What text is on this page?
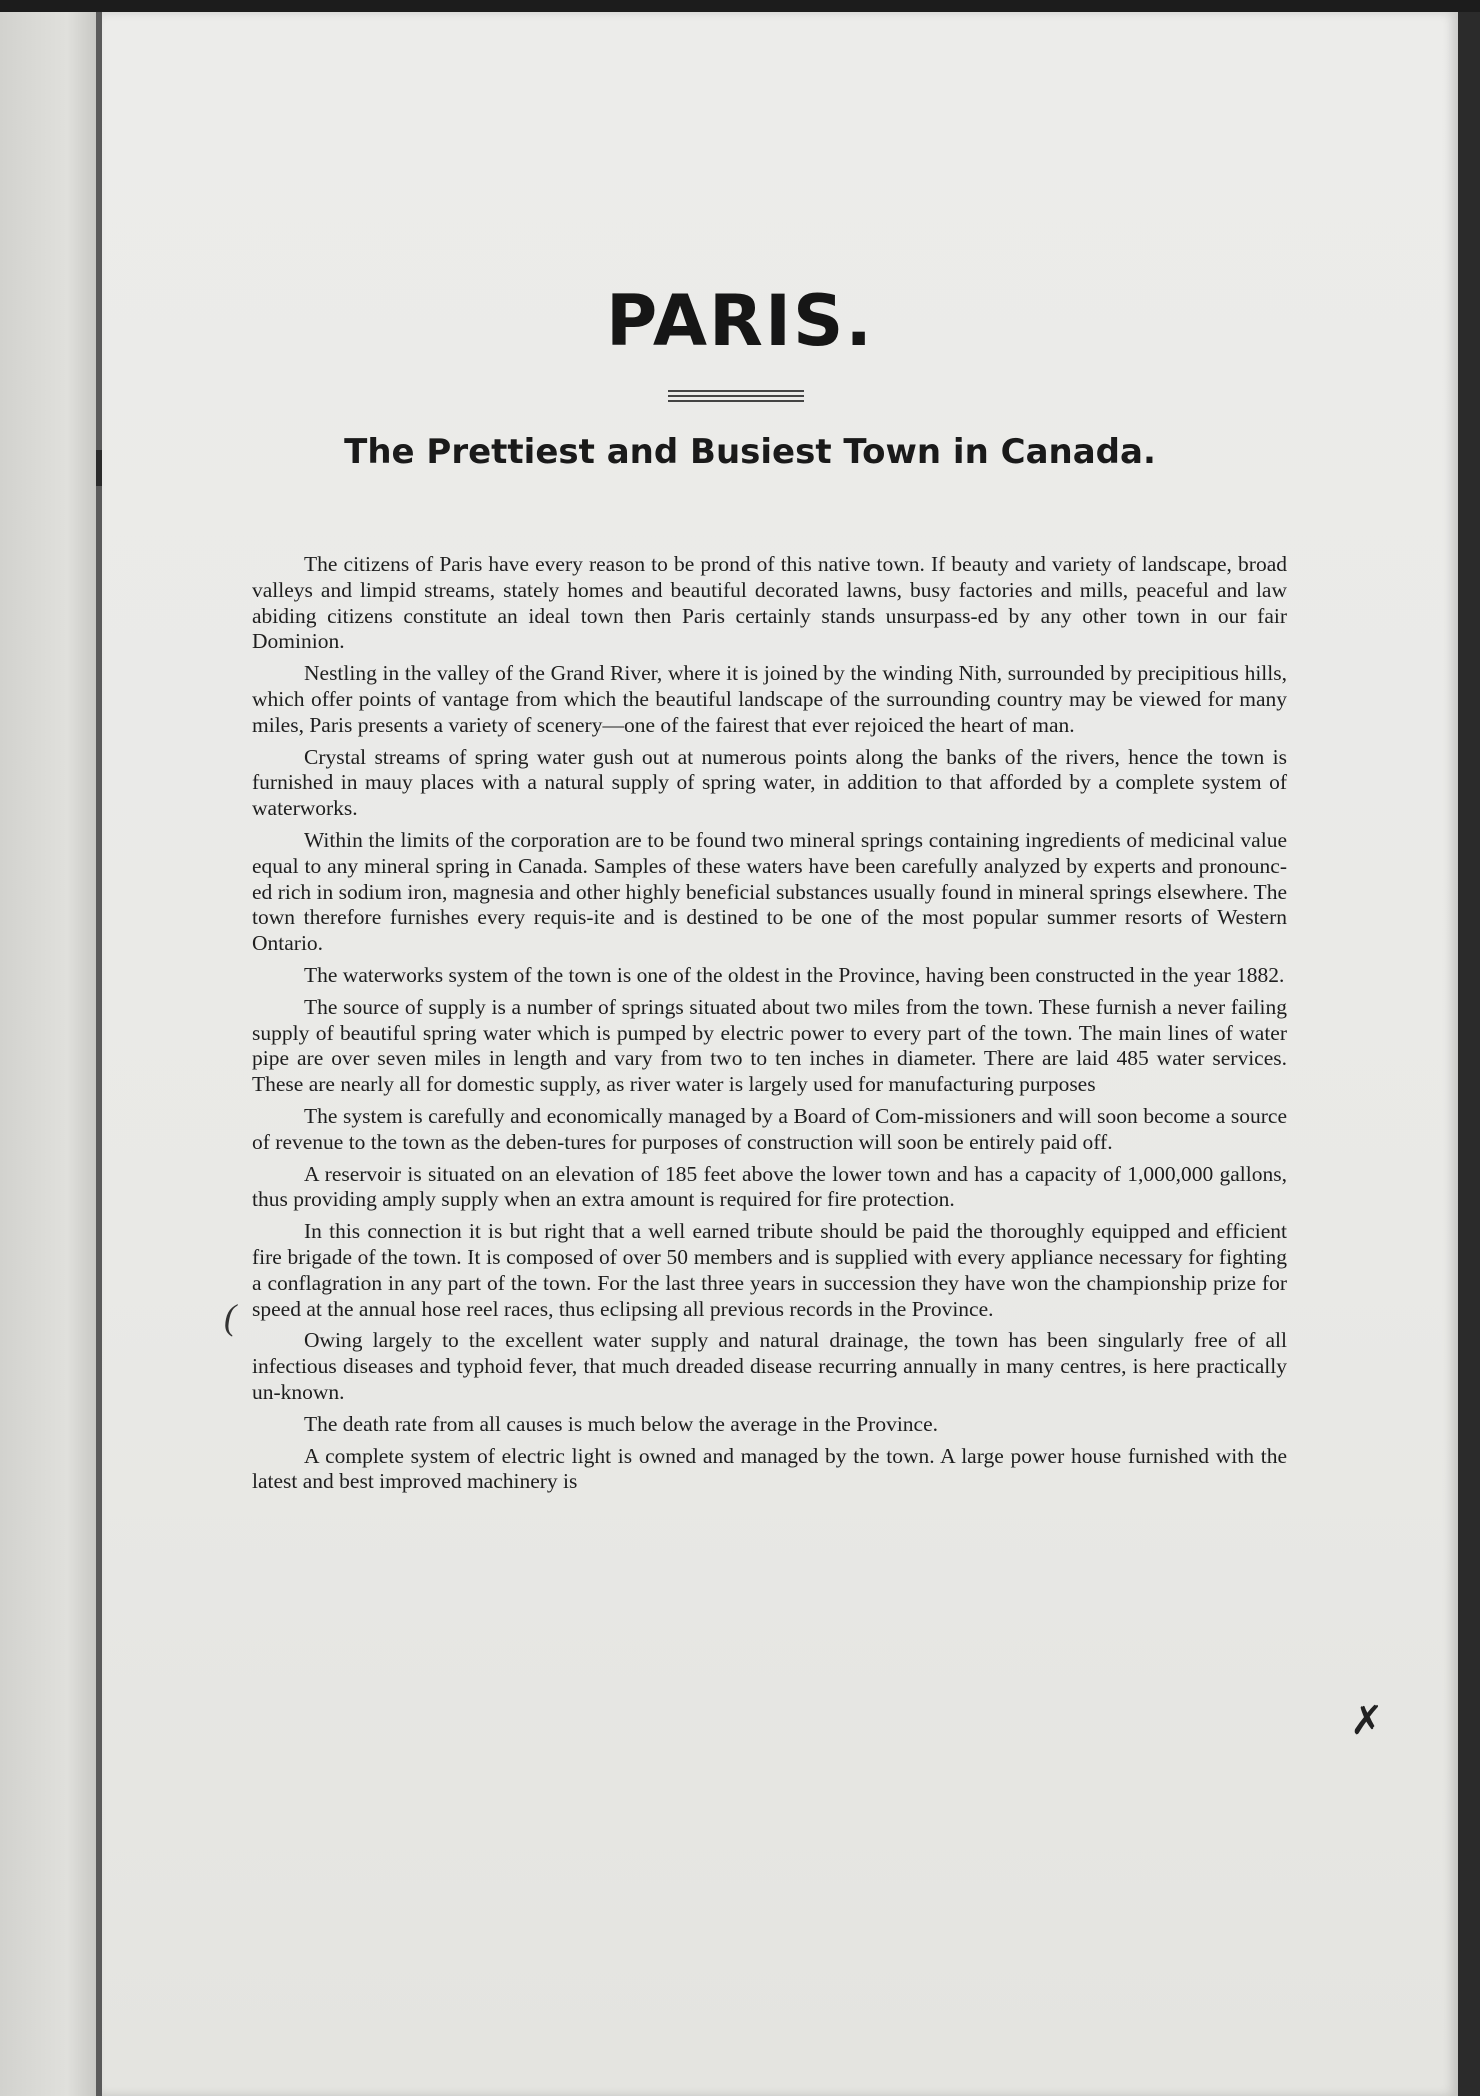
PARIS.
The Prettiest and Busiest Town in Canada.

The citizens of Paris have every reason to be prond of this native town. If beauty and variety of landscape, broad valleys and limpid streams, stately homes and beautiful decorated lawns, busy factories and mills, peaceful and law abiding citizens constitute an ideal town then Paris certainly stands unsurpass-ed by any other town in our fair Dominion.

Nestling in the valley of the Grand River, where it is joined by the winding Nith, surrounded by precipitious hills, which offer points of vantage from which the beautiful landscape of the surrounding country may be viewed for many miles, Paris presents a variety of scenery—one of the fairest that ever rejoiced the heart of man.

Crystal streams of spring water gush out at numerous points along the banks of the rivers, hence the town is furnished in mauy places with a natural supply of spring water, in addition to that afforded by a complete system of waterworks.

Within the limits of the corporation are to be found two mineral springs containing ingredients of medicinal value equal to any mineral spring in Canada. Samples of these waters have been carefully analyzed by experts and pronounc-ed rich in sodium iron, magnesia and other highly beneficial substances usually found in mineral springs elsewhere. The town therefore furnishes every requis-ite and is destined to be one of the most popular summer resorts of Western Ontario.

The waterworks system of the town is one of the oldest in the Province, having been constructed in the year 1882.

The source of supply is a number of springs situated about two miles from the town. These furnish a never failing supply of beautiful spring water which is pumped by electric power to every part of the town. The main lines of water pipe are over seven miles in length and vary from two to ten inches in diameter. There are laid 485 water services. These are nearly all for domestic supply, as river water is largely used for manufacturing purposes

The system is carefully and economically managed by a Board of Com-missioners and will soon become a source of revenue to the town as the deben-tures for purposes of construction will soon be entirely paid off.

A reservoir is situated on an elevation of 185 feet above the lower town and has a capacity of 1,000,000 gallons, thus providing amply supply when an extra amount is required for fire protection.

In this connection it is but right that a well earned tribute should be paid the thoroughly equipped and efficient fire brigade of the town. It is composed of over 50 members and is supplied with every appliance necessary for fighting a conflagration in any part of the town. For the last three years in succession they have won the championship prize for speed at the annual hose reel races, thus eclipsing all previous records in the Province.

Owing largely to the excellent water supply and natural drainage, the town has been singularly free of all infectious diseases and typhoid fever, that much dreaded disease recurring annually in many centres, is here practically un-known.

The death rate from all causes is much below the average in the Province.

A complete system of electric light is owned and managed by the town. A large power house furnished with the latest and best improved machinery is

(
✗
